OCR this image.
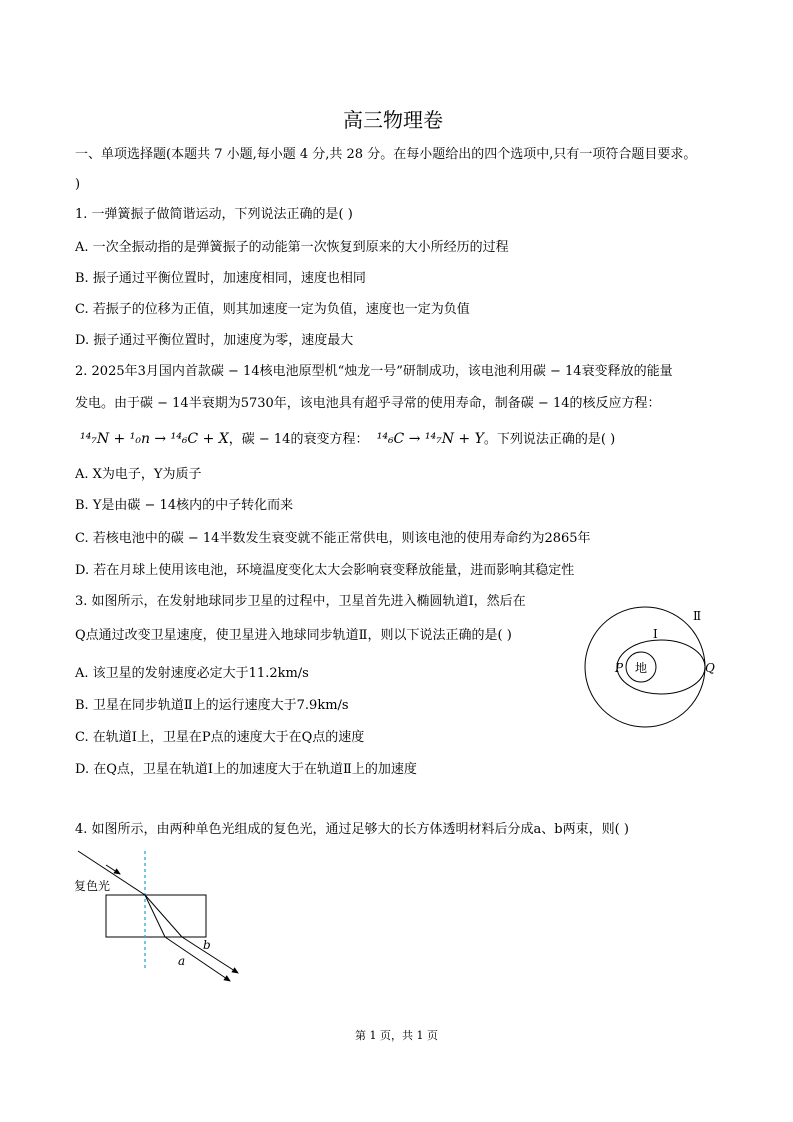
高三物理卷
一、单项选择题(本题共 7 小题,每小题 4 分,共 28 分。在每小题给出的四个选项中,只有一项符合题目要求。
)
1. 一弹簧振子做简谐运动，下列说法正确的是( )
A. 一次全振动指的是弹簧振子的动能第一次恢复到原来的大小所经历的过程
B. 振子通过平衡位置时，加速度相同，速度也相同
C. 若振子的位移为正值，则其加速度一定为负值，速度也一定为负值
D. 振子通过平衡位置时，加速度为零，速度最大
2. 2025年3月国内首款碳 − 14核电池原型机“烛龙一号”研制成功，该电池利用碳 − 14衰变释放的能量
发电。由于碳 − 14半衰期为5730年，该电池具有超乎寻常的使用寿命，制备碳 − 14的核反应方程：
¹⁴₇N + ¹₀n → ¹⁴₆C + X，碳 − 14的衰变方程： ¹⁴₆C → ¹⁴₇N + Y。下列说法正确的是( )
A. X为电子，Y为质子
B. Y是由碳 − 14核内的中子转化而来
C. 若核电池中的碳 − 14半数发生衰变就不能正常供电，则该电池的使用寿命约为2865年
D. 若在月球上使用该电池，环境温度变化太大会影响衰变释放能量，进而影响其稳定性
3. 如图所示，在发射地球同步卫星的过程中，卫星首先进入椭圆轨道Ⅰ，然后在
Q点通过改变卫星速度，使卫星进入地球同步轨道Ⅱ，则以下说法正确的是( )
A. 该卫星的发射速度必定大于11.2km/s
B. 卫星在同步轨道Ⅱ上的运行速度大于7.9km/s
C. 在轨道Ⅰ上，卫星在P点的速度大于在Q点的速度
D. 在Q点，卫星在轨道Ⅰ上的加速度大于在轨道Ⅱ上的加速度
地
P	Q
Ⅰ
Ⅱ
4. 如图所示，由两种单色光组成的复色光，通过足够大的长方体透明材料后分成a、b两束，则( )
复色光
a
b
第 1 页，共 1 页
